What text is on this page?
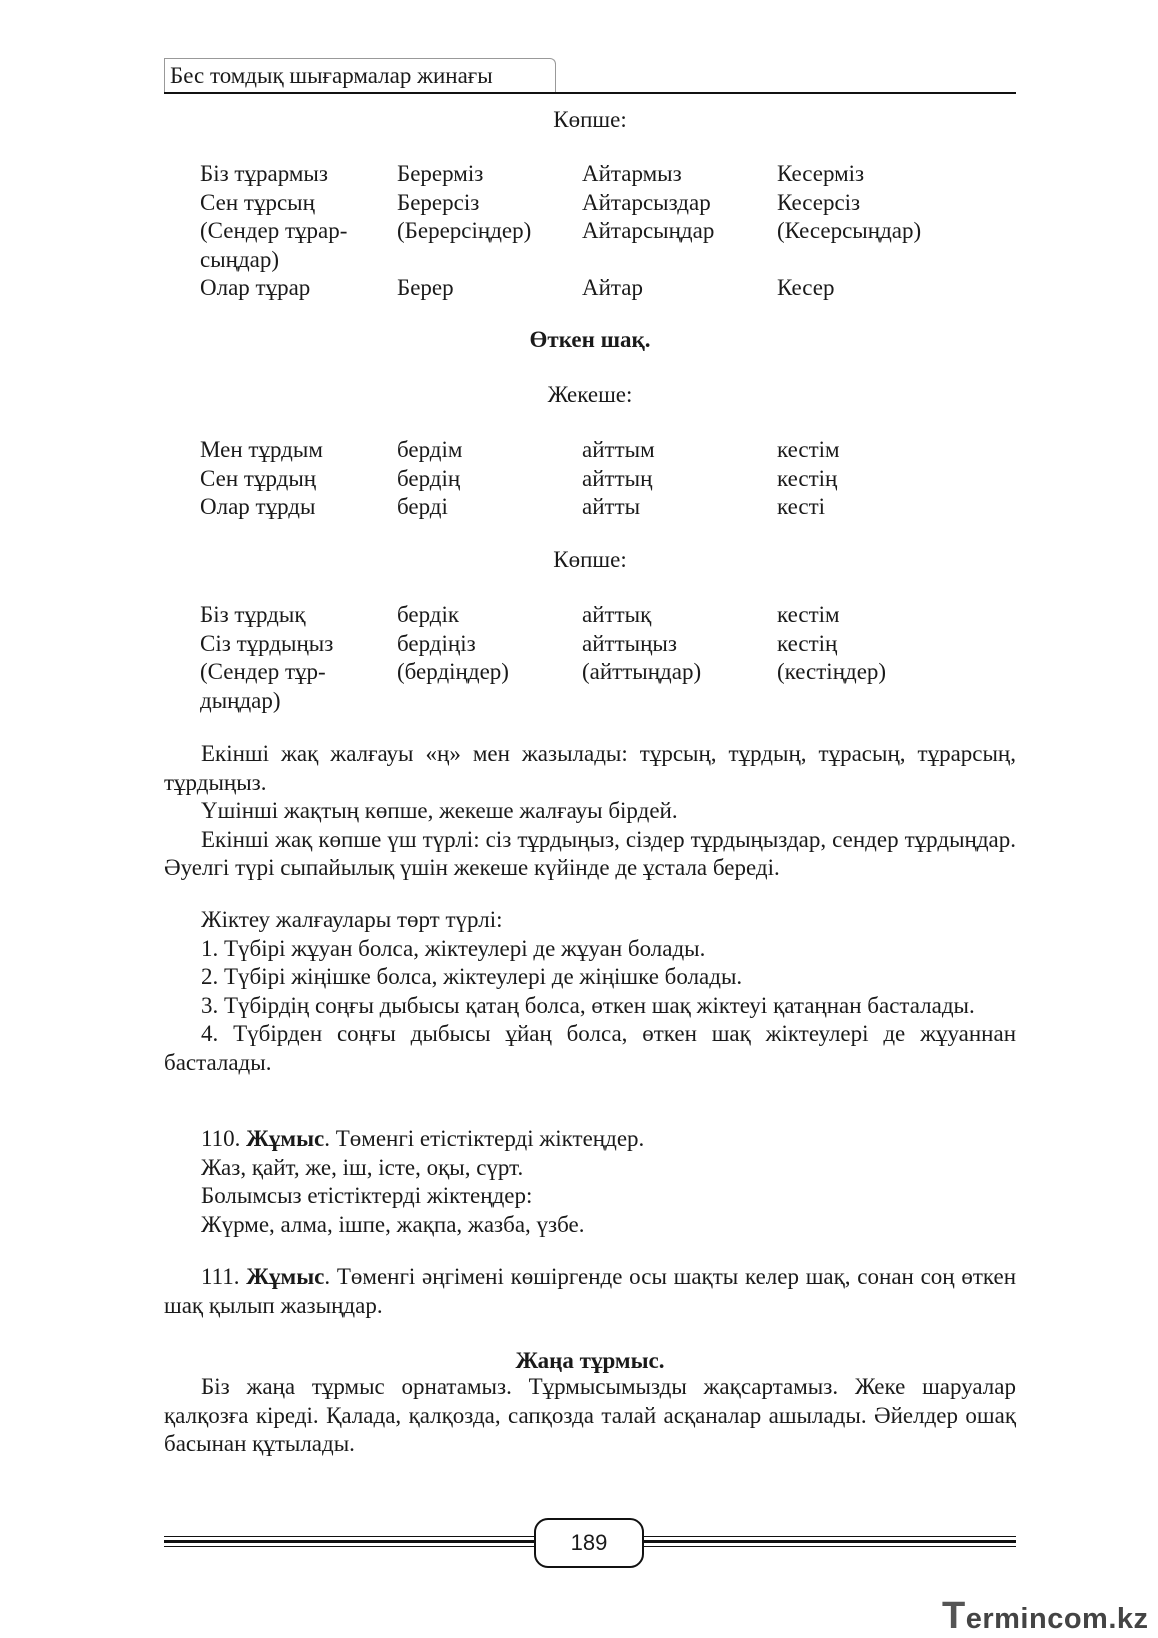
Бес томдық шығармалар жинағы
Көпше:
Біз тұрармыз	Берерміз	Айтармыз	Кесерміз
Сен тұрсың	Берерсіз	Айтарсыздар	Кесерсіз
(Сендер тұрар-	(Берерсіңдер)	Айтарсыңдар	(Кесерсыңдар)
сыңдар)			
Олар тұрар	Берер	Айтар	Кесер
Өткен шақ.
Жекеше:
Мен тұрдым	бердім	айттым	кестім
Сен тұрдың	бердің	айттың	кестің
Олар тұрды	берді	айтты	кесті
Көпше:
Біз тұрдық	бердік	айттық	кестім
Сіз тұрдыңыз	бердіңіз	айттыңыз	кестің
(Сендер тұр-	(бердіңдер)	(айттыңдар)	(кестіңдер)
дыңдар)			

Екінші жақ жалғауы «ң» мен жазылады: тұрсың, тұрдың, тұрасың, тұрарсың, тұрдыңыз.

Үшінші жақтың көпше, жекеше жалғауы бірдей.

Екінші жақ көпше үш түрлі: сіз тұрдыңыз, сіздер тұрдыңыздар, сендер тұрдыңдар. Әуелгі түрі сыпайылық үшін жекеше күйінде де ұстала береді.

Жіктеу жалғаулары төрт түрлі:

1. Түбірі жұуан болса, жіктеулері де жұуан болады.

2. Түбірі жіңішке болса, жіктеулері де жіңішке болады.

3. Түбірдің соңғы дыбысы қатаң болса, өткен шақ жіктеуі қатаңнан басталады.

4. Түбірден соңғы дыбысы ұйаң болса, өткен шақ жіктеулері де жұуаннан басталады.

110. Жұмыс. Төменгі етістіктерді жіктеңдер.

Жаз, қайт, же, іш, істе, оқы, сүрт.

Болымсыз етістіктерді жіктеңдер:

Жүрме, алма, ішпе, жақпа, жазба, үзбе.

111. Жұмыс. Төменгі әңгімені көшіргенде осы шақты келер шақ, сонан соң өткен шақ қылып жазыңдар.

Жаңа тұрмыс.

Біз жаңа тұрмыс орнатамыз. Тұрмысымызды жақсартамыз. Жеке шаруалар қалқозға кіреді. Қалада, қалқозда, сапқозда талай асқаналар ашылады. Әйелдер ошақ басынан құтылады.

189
Termincom.kz
